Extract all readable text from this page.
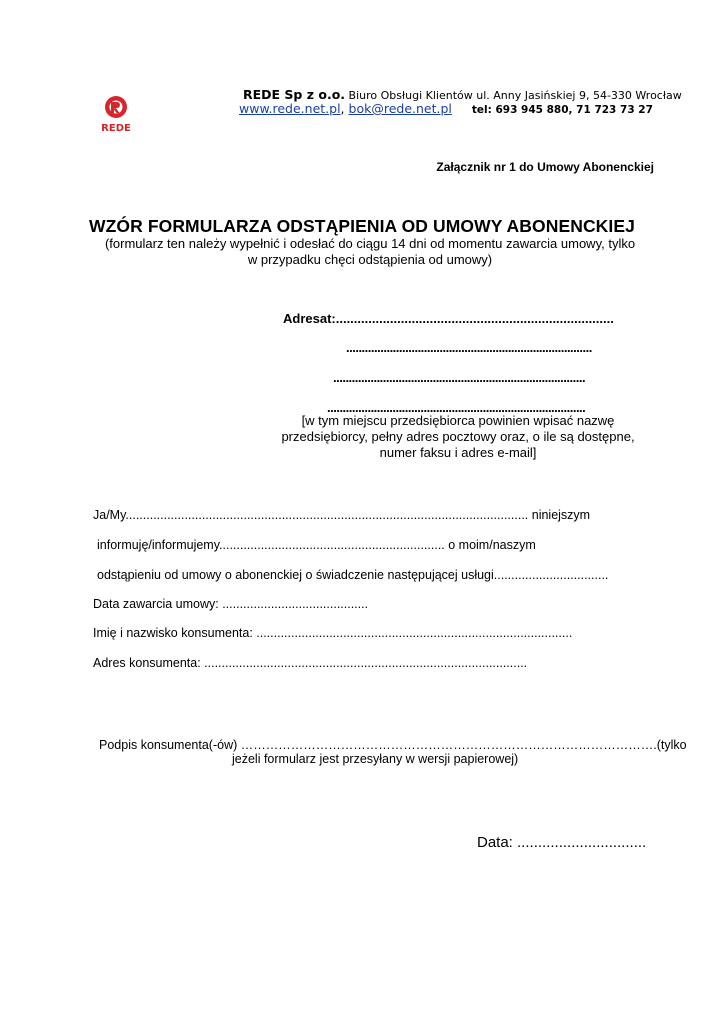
REDE
REDE Sp z o.o. Biuro Obsługi Klientów ul. Anny Jasińskiej 9, 54-330 Wrocław
www.rede.net.pl, bok@rede.net.pl tel: 693 945 880, 71 723 73 27
Załącznik nr 1 do Umowy Abonenckiej
WZÓR FORMULARZA ODSTĄPIENIA OD UMOWY ABONENCKIEJ
(formularz ten należy wypełnić i odesłać do ciągu 14 dni od momentu zawarcia umowy, tylko w przypadku chęci odstąpienia od umowy)
Adresat:.............................................................................
...............................................................................
.................................................................................
...................................................................................
[w tym miejscu przedsiębiorca powinien wpisać nazwę przedsiębiorcy, pełny adres pocztowy oraz, o ile są dostępne, numer faksu i adres e-mail]
Ja/My.................................................................................................................... niniejszym
informuję/informujemy................................................................. o moim/naszym
odstąpieniu od umowy o abonenckiej o świadczenie następującej usługi.................................
Data zawarcia umowy: ..........................................
Imię i nazwisko konsumenta: ...........................................................................................
Adres konsumenta: .............................................................................................
Podpis konsumenta(-ów) ……………………………………………………………………………………….(tylko
jeżeli formularz jest przesyłany w wersji papierowej)
Data: ...............................
